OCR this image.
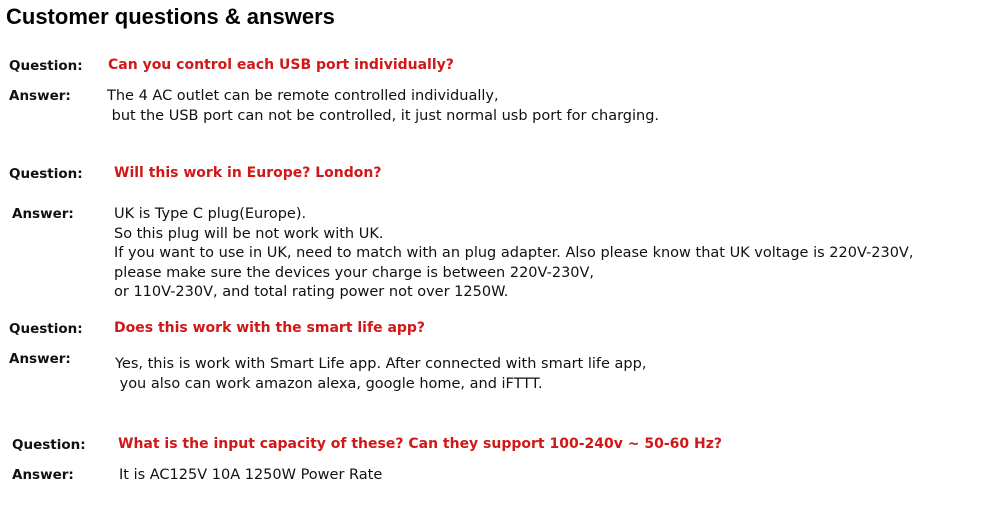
Customer questions & answers
Question: Can you control each USB port individually?
Answer: The 4 AC outlet can be remote controlled individually,
but the USB port can not be controlled, it just normal usb port for charging.
Question: Will this work in Europe? London?
Answer:	UK is Type C plug(Europe).
So this plug will be not work with UK.
If you want to use in UK, need to match with an plug adapter. Also please know that UK voltage is 220V-230V,
please make sure the devices your charge is between 220V-230V,
or 110V-230V, and total rating power not over 1250W.
Question: Does this work with the smart life app?
Answer:	Yes, this is work with Smart Life app. After connected with smart life app,
you also can work amazon alexa, google home, and iFTTT.
Question: What is the input capacity of these? Can they support 100-240v ~ 50-60 Hz?
Answer:	It is AC125V 10A 1250W Power Rate
